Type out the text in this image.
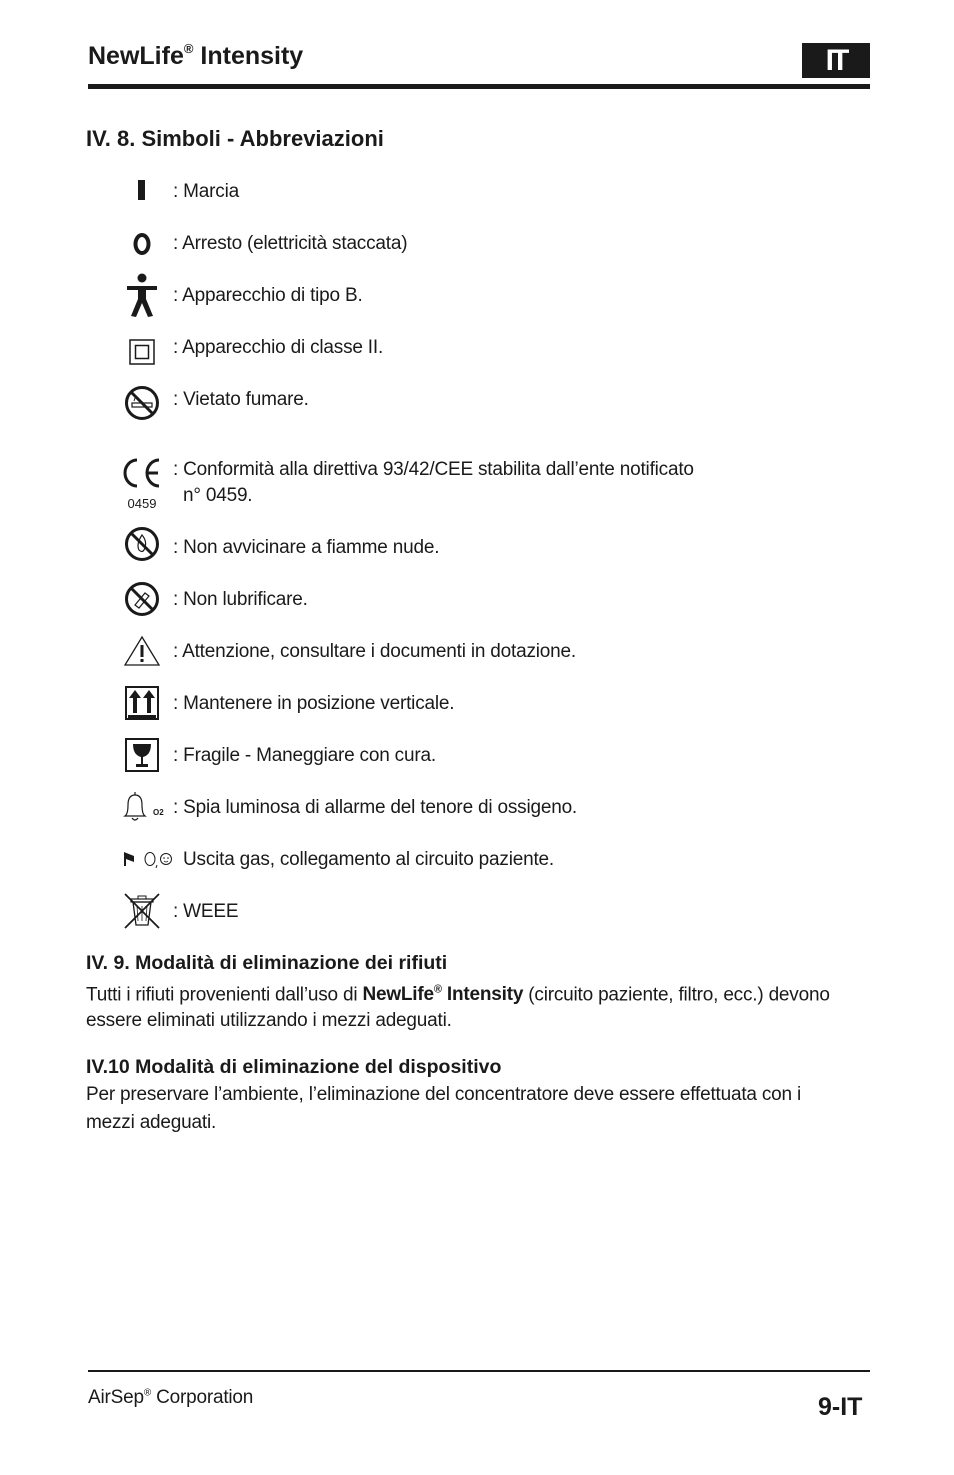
NewLife® Intensity	IT
IV. 8. Simboli - Abbreviazioni
: Marcia
: Arresto (elettricità staccata)
: Apparecchio di tipo B.
: Apparecchio di classe II.
: Vietato fumare.
0459
: Conformità alla direttiva 93/42/CEE stabilita dall’ente notificato
n° 0459.
: Non avvicinare a fiamme nude.
: Non lubrificare.
: Attenzione, consultare i documenti in dotazione.
: Mantenere in posizione verticale.
: Fragile - Maneggiare con cura.
O2 : Spia luminosa di allarme del tenore di ossigeno.
Uscita gas, collegamento al circuito paziente.
: WEEE
IV. 9. Modalità di eliminazione dei rifiuti
Tutti i rifiuti provenienti dall’uso di NewLife® Intensity (circuito paziente, filtro, ecc.) devono essere eliminati utilizzando i mezzi adeguati.
IV.10 Modalità di eliminazione del dispositivo
Per preservare l’ambiente, l’eliminazione del concentratore deve essere effettuata con i mezzi adeguati.
AirSep® Corporation	9-IT
